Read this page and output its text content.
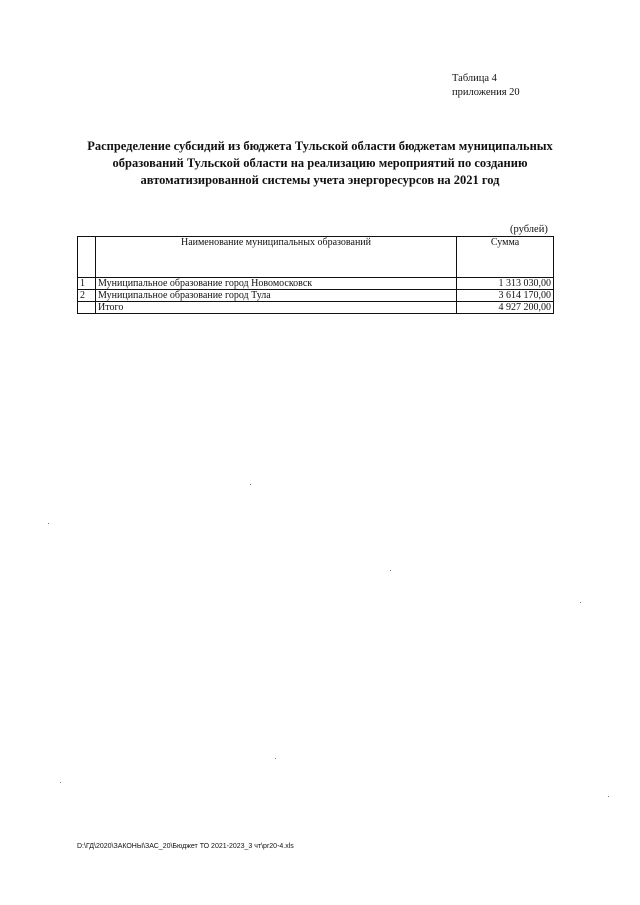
Таблица 4
приложения 20
Распределение субсидий из бюджета Тульской области бюджетам муниципальных образований Тульской области на реализацию мероприятий по созданию автоматизированной системы учета энергоресурсов на 2021 год
(рублей)
	Наименование муниципальных образований	Сумма
1	Муниципальное образование город Новомосковск	1 313 030,00
2	Муниципальное образование город Тула	3 614 170,00
	Итого	4 927 200,00
D:\ГД\2020\ЗАКОНЫ\ЗАС_20\Бюджет ТО 2021-2023_3 чт\pr20-4.xls
